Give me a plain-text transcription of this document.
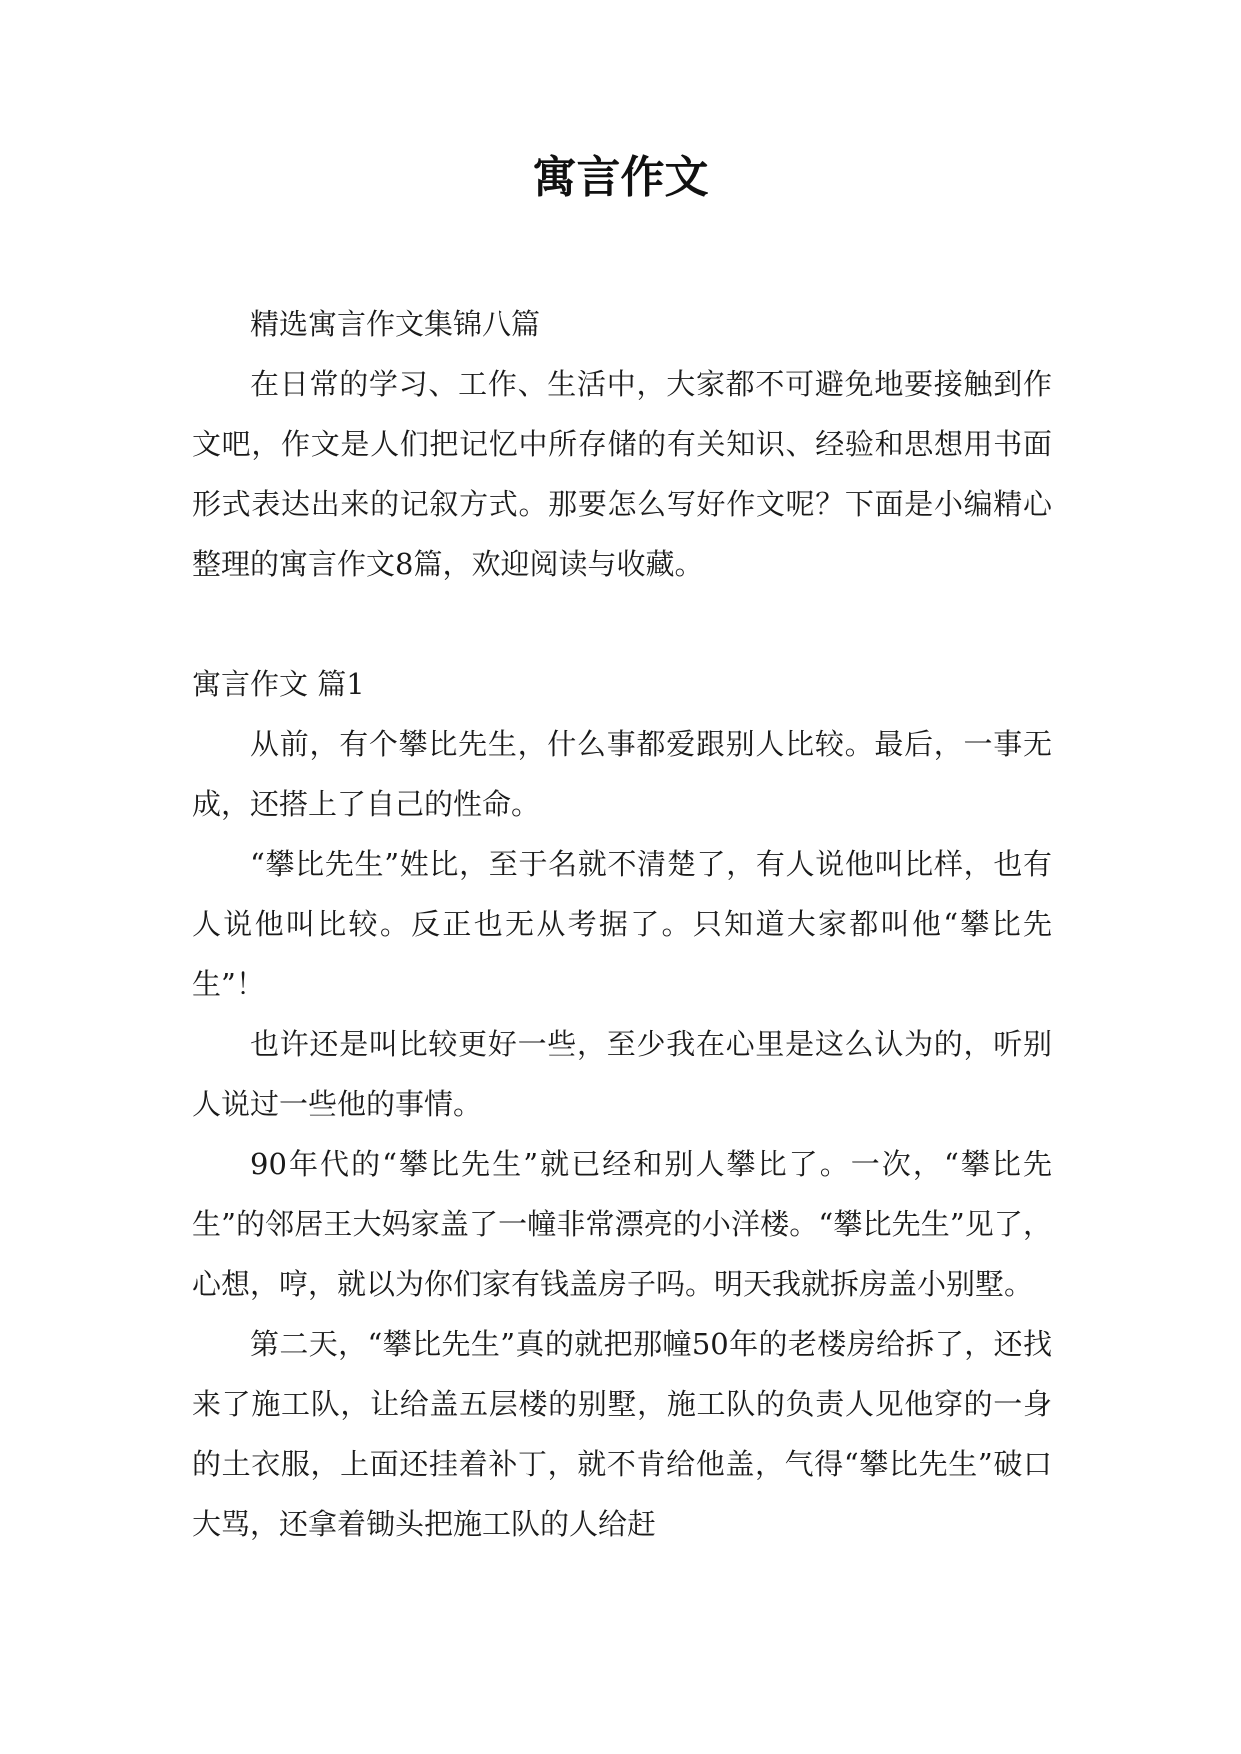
寓言作文

精选寓言作文集锦八篇

在日常的学习、工作、生活中，大家都不可避免地要接触到作文吧，作文是人们把记忆中所存储的有关知识、经验和思想用书面形式表达出来的记叙方式。那要怎么写好作文呢？下面是小编精心整理的寓言作文8篇，欢迎阅读与收藏。

寓言作文 篇1

从前，有个攀比先生，什么事都爱跟别人比较。最后，一事无成，还搭上了自己的性命。

“攀比先生”姓比，至于名就不清楚了，有人说他叫比样，也有人说他叫比较。反正也无从考据了。只知道大家都叫他“攀比先生”！

也许还是叫比较更好一些，至少我在心里是这么认为的，听别人说过一些他的事情。

90年代的“攀比先生”就已经和别人攀比了。一次，“攀比先生”的邻居王大妈家盖了一幢非常漂亮的小洋楼。“攀比先生”见了，心想，哼，就以为你们家有钱盖房子吗。明天我就拆房盖小别墅。

第二天，“攀比先生”真的就把那幢50年的老楼房给拆了，还找来了施工队，让给盖五层楼的别墅，施工队的负责人见他穿的一身的土衣服，上面还挂着补丁，就不肯给他盖，气得“攀比先生”破口大骂，还拿着锄头把施工队的人给赶
